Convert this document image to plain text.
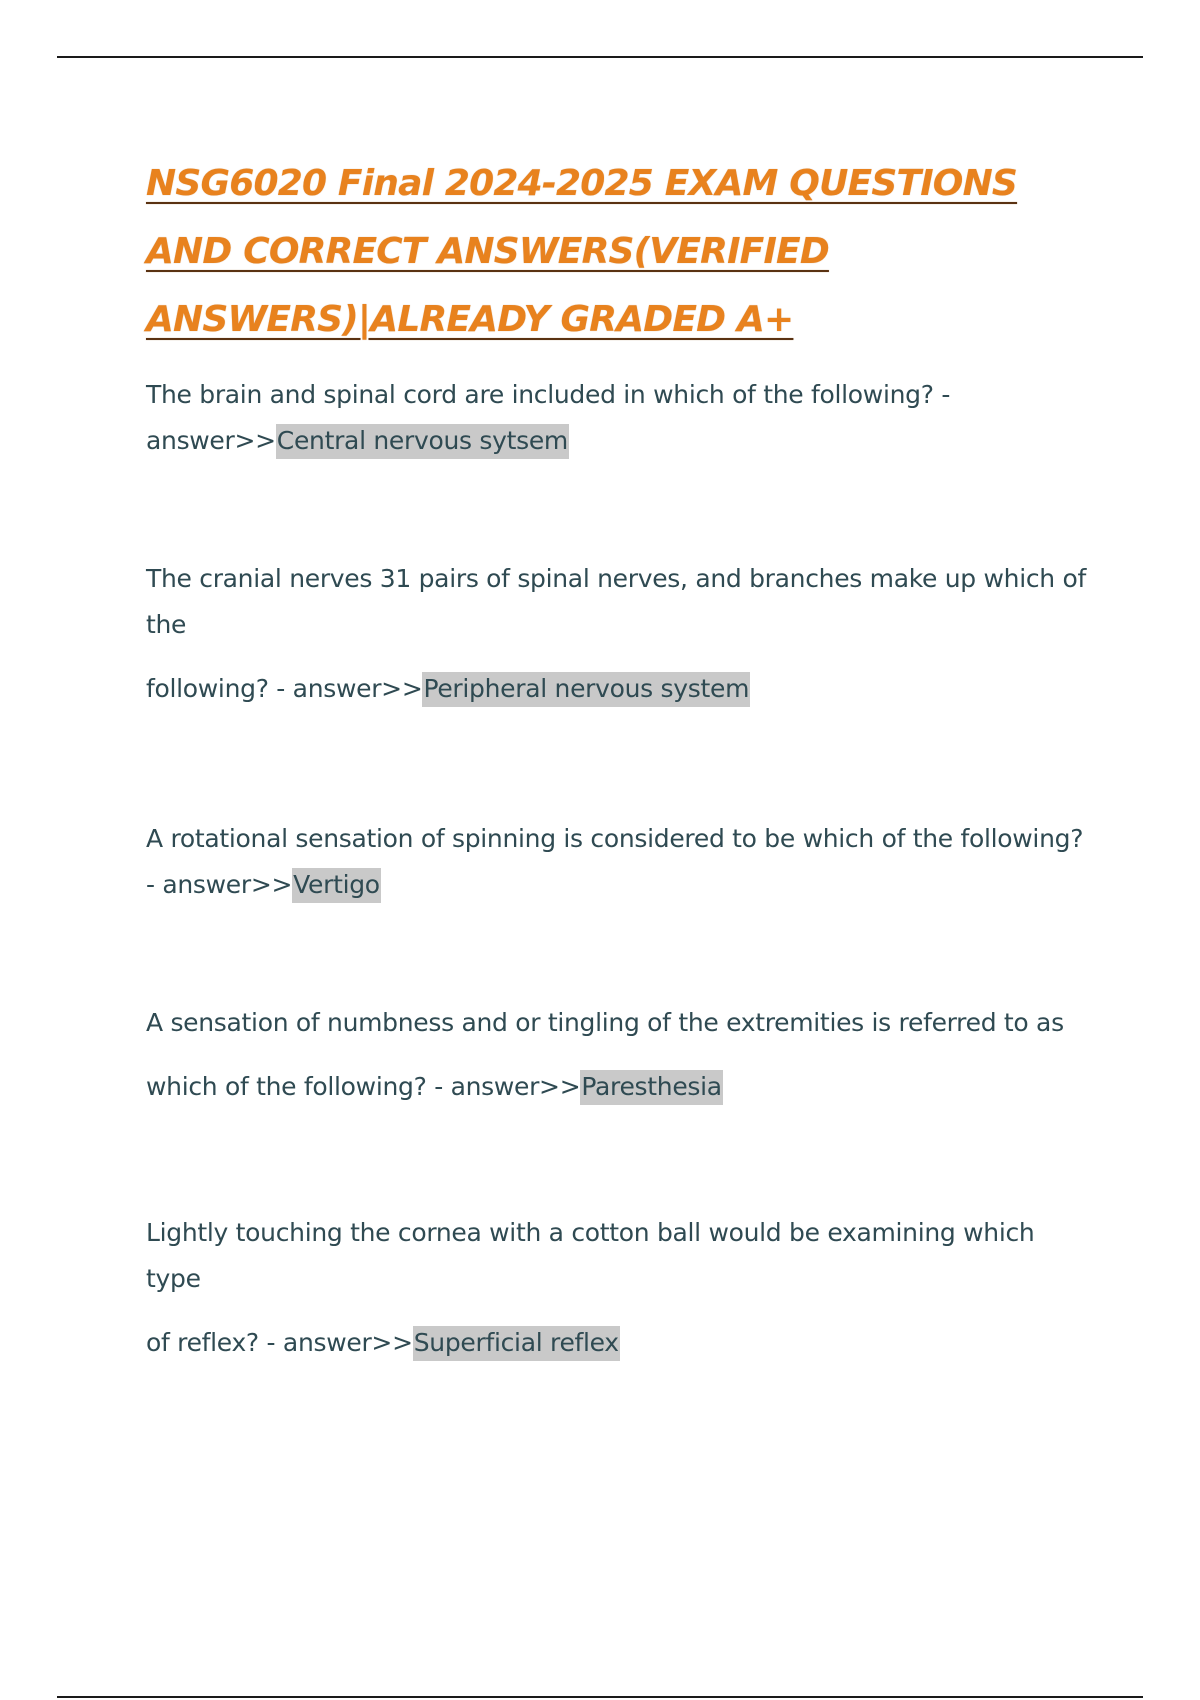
NSG6020 Final 2024-2025 EXAM QUESTIONS
AND CORRECT ANSWERS(VERIFIED
ANSWERS)|ALREADY GRADED A+

The brain and spinal cord are included in which of the following? - answer>>Central nervous sytsem

The cranial nerves 31 pairs of spinal nerves, and branches make up which of the

following? - answer>>Peripheral nervous system

A rotational sensation of spinning is considered to be which of the following? - answer>>Vertigo

A sensation of numbness and or tingling of the extremities is referred to as

which of the following? - answer>>Paresthesia

Lightly touching the cornea with a cotton ball would be examining which type

of reflex? - answer>>Superficial reflex
